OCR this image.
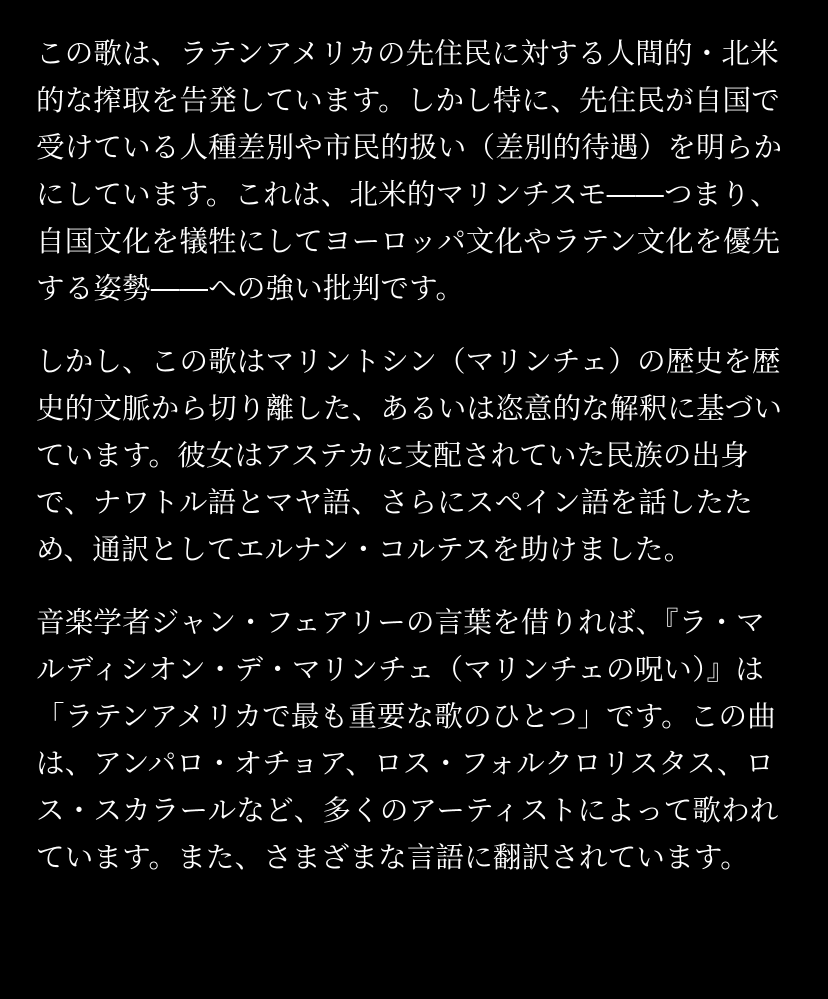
この歌は、ラテンアメリカの先住民に対する人間的・北米的な搾取を告発しています。しかし特に、先住民が自国で受けている人種差別や市民的扱い（差別的待遇）を明らかにしています。これは、北米的マリンチスモ――つまり、自国文化を犠牲にしてヨーロッパ文化やラテン文化を優先する姿勢――への強い批判です。

しかし、この歌はマリントシン（マリンチェ）の歴史を歴史的文脈から切り離した、あるいは恣意的な解釈に基づいています。彼女はアステカに支配されていた民族の出身で、ナワトル語とマヤ語、さらにスペイン語を話したため、通訳としてエルナン・コルテスを助けました。

音楽学者ジャン・フェアリーの言葉を借りれば、『ラ・マルディシオン・デ・マリンチェ（マリンチェの呪い）』は「ラテンアメリカで最も重要な歌のひとつ」です。この曲は、アンパロ・オチョア、ロス・フォルクロリスタス、ロス・スカラールなど、多くのアーティストによって歌われています。また、さまざまな言語に翻訳されています。
